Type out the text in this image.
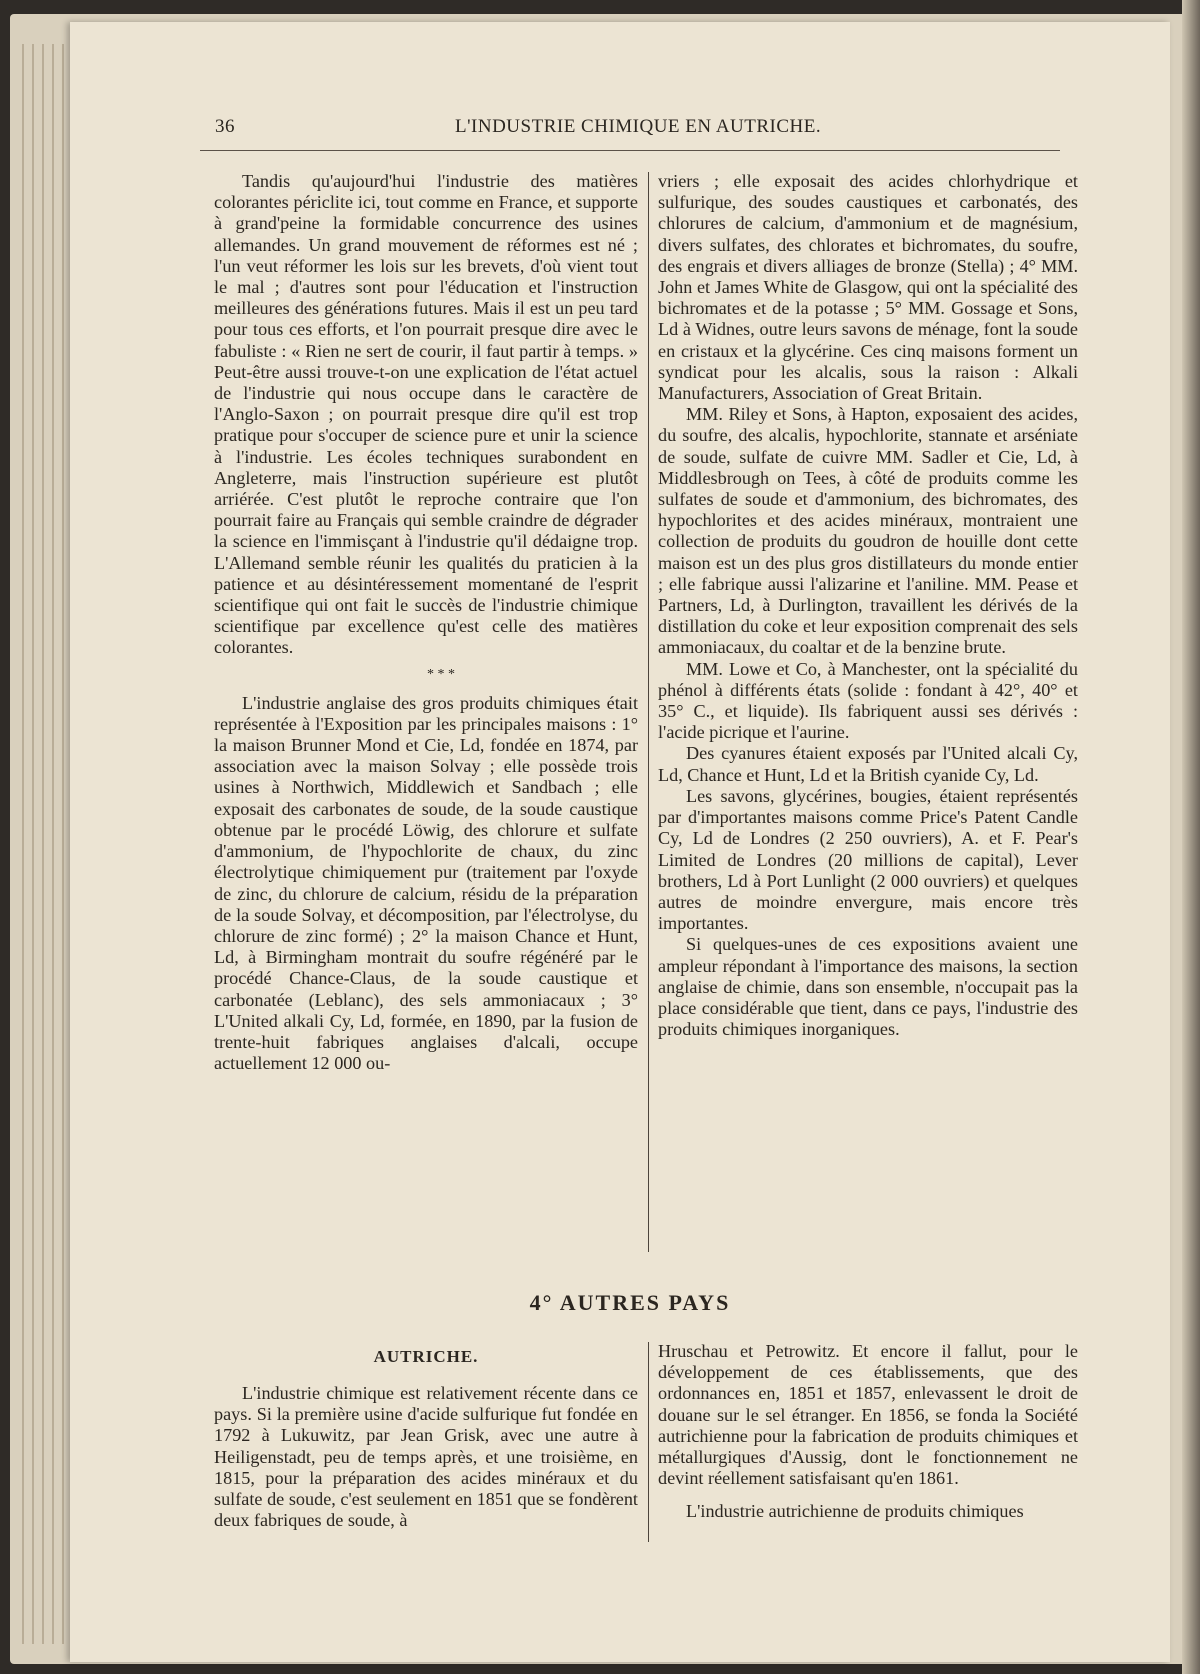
36	L'INDUSTRIE CHIMIQUE EN AUTRICHE.

Tandis qu'aujourd'hui l'industrie des matières colorantes périclite ici, tout comme en France, et supporte à grand'peine la formidable concurrence des usines allemandes. Un grand mouvement de réformes est né ; l'un veut réformer les lois sur les brevets, d'où vient tout le mal ; d'autres sont pour l'éducation et l'instruction meilleures des générations futures. Mais il est un peu tard pour tous ces efforts, et l'on pourrait presque dire avec le fabuliste : « Rien ne sert de courir, il faut partir à temps. » Peut-être aussi trouve-t-on une explication de l'état actuel de l'industrie qui nous occupe dans le caractère de l'Anglo-Saxon ; on pourrait presque dire qu'il est trop pratique pour s'occuper de science pure et unir la science à l'industrie. Les écoles techniques surabondent en Angleterre, mais l'instruction supérieure est plutôt arriérée. C'est plutôt le reproche contraire que l'on pourrait faire au Français qui semble craindre de dégrader la science en l'immisçant à l'industrie qu'il dédaigne trop. L'Allemand semble réunir les qualités du praticien à la patience et au désintéressement momentané de l'esprit scientifique qui ont fait le succès de l'industrie chimique scientifique par excellence qu'est celle des matières colorantes.

* * *

L'industrie anglaise des gros produits chimiques était représentée à l'Exposition par les principales maisons : 1° la maison Brunner Mond et Cie, Ld, fondée en 1874, par association avec la maison Solvay ; elle possède trois usines à Northwich, Middlewich et Sandbach ; elle exposait des carbonates de soude, de la soude caustique obtenue par le procédé Löwig, des chlorure et sulfate d'ammonium, de l'hypochlorite de chaux, du zinc électrolytique chimiquement pur (traitement par l'oxyde de zinc, du chlorure de calcium, résidu de la préparation de la soude Solvay, et décomposition, par l'électrolyse, du chlorure de zinc formé) ; 2° la maison Chance et Hunt, Ld, à Birmingham montrait du soufre régénéré par le procédé Chance-Claus, de la soude caustique et carbonatée (Leblanc), des sels ammoniacaux ; 3° L'United alkali Cy, Ld, formée, en 1890, par la fusion de trente-huit fabriques anglaises d'alcali, occupe actuellement 12 000 ou-

vriers ; elle exposait des acides chlorhydrique et sulfurique, des soudes caustiques et carbonatés, des chlorures de calcium, d'ammonium et de magnésium, divers sulfates, des chlorates et bichromates, du soufre, des engrais et divers alliages de bronze (Stella) ; 4° MM. John et James White de Glasgow, qui ont la spécialité des bichromates et de la potasse ; 5° MM. Gossage et Sons, Ld à Widnes, outre leurs savons de ménage, font la soude en cristaux et la glycérine. Ces cinq maisons forment un syndicat pour les alcalis, sous la raison : Alkali Manufacturers, Association of Great Britain.

MM. Riley et Sons, à Hapton, exposaient des acides, du soufre, des alcalis, hypochlorite, stannate et arséniate de soude, sulfate de cuivre MM. Sadler et Cie, Ld, à Middlesbrough on Tees, à côté de produits comme les sulfates de soude et d'ammonium, des bichromates, des hypochlorites et des acides minéraux, montraient une collection de produits du goudron de houille dont cette maison est un des plus gros distillateurs du monde entier ; elle fabrique aussi l'alizarine et l'aniline. MM. Pease et Partners, Ld, à Durlington, travaillent les dérivés de la distillation du coke et leur exposition comprenait des sels ammoniacaux, du coaltar et de la benzine brute.

MM. Lowe et Co, à Manchester, ont la spécialité du phénol à différents états (solide : fondant à 42°, 40° et 35° C., et liquide). Ils fabriquent aussi ses dérivés : l'acide picrique et l'aurine.

Des cyanures étaient exposés par l'United alcali Cy, Ld, Chance et Hunt, Ld et la British cyanide Cy, Ld.

Les savons, glycérines, bougies, étaient représentés par d'importantes maisons comme Price's Patent Candle Cy, Ld de Londres (2 250 ouvriers), A. et F. Pear's Limited de Londres (20 millions de capital), Lever brothers, Ld à Port Lunlight (2 000 ouvriers) et quelques autres de moindre envergure, mais encore très importantes.

Si quelques-unes de ces expositions avaient une ampleur répondant à l'importance des maisons, la section anglaise de chimie, dans son ensemble, n'occupait pas la place considérable que tient, dans ce pays, l'industrie des produits chimiques inorganiques.

4° AUTRES PAYS
AUTRICHE.

L'industrie chimique est relativement récente dans ce pays. Si la première usine d'acide sulfurique fut fondée en 1792 à Lukuwitz, par Jean Grisk, avec une autre à Heiligenstadt, peu de temps après, et une troisième, en 1815, pour la préparation des acides minéraux et du sulfate de soude, c'est seulement en 1851 que se fondèrent deux fabriques de soude, à

Hruschau et Petrowitz. Et encore il fallut, pour le développement de ces établissements, que des ordonnances en, 1851 et 1857, enlevassent le droit de douane sur le sel étranger. En 1856, se fonda la Société autrichienne pour la fabrication de produits chimiques et métallurgiques d'Aussig, dont le fonctionnement ne devint réellement satisfaisant qu'en 1861.

L'industrie autrichienne de produits chimiques
